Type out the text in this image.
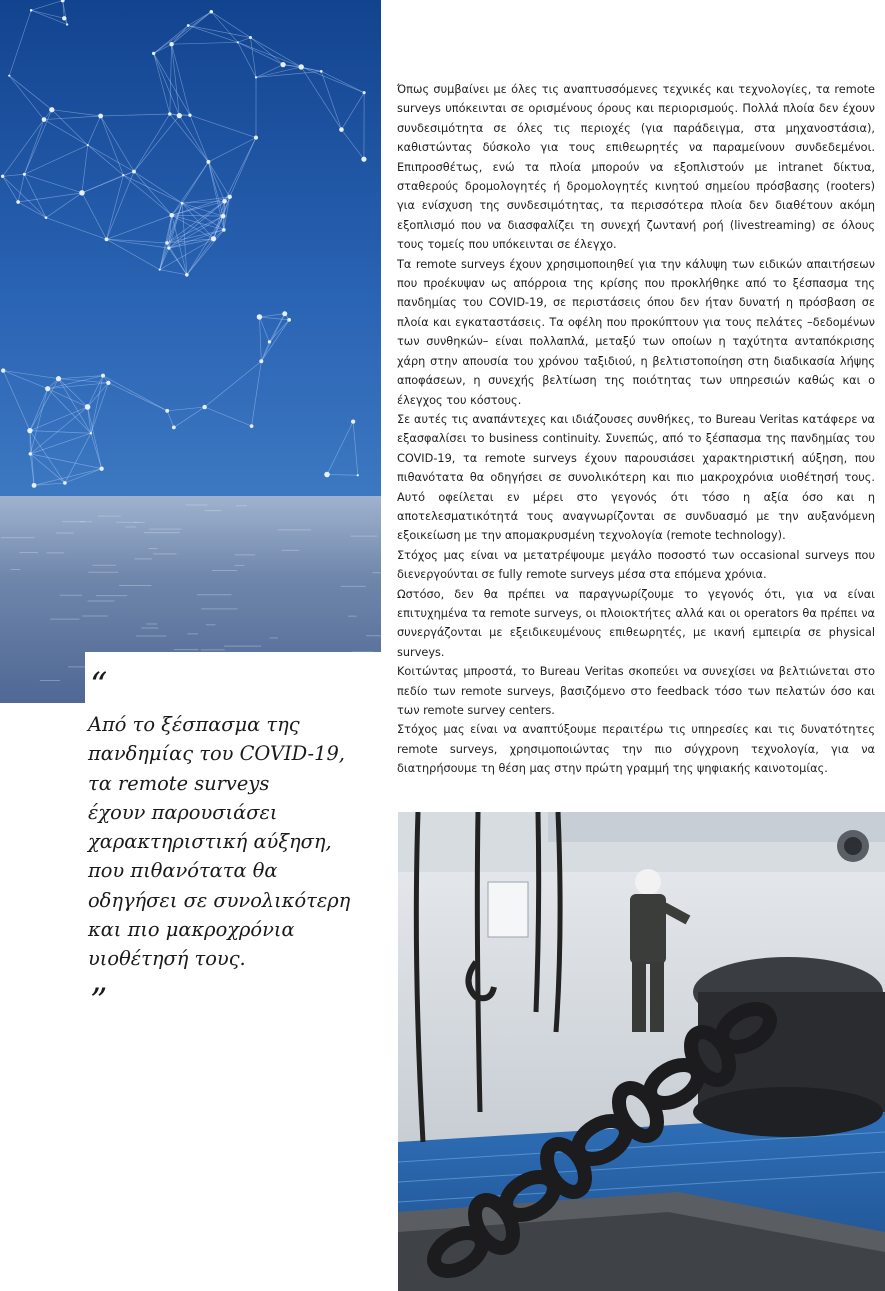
“
Από το ξέσπασμα της
πανδημίας του COVID-19,
τα remote surveys
έχουν παρουσιάσει
χαρακτηριστική αύξηση,
που πιθανότατα θα
οδηγήσει σε συνολικότερη
και πιο μακροχρόνια
υιοθέτησή τους.
”

Όπως συμβαίνει με όλες τις αναπτυσσόμενες τεχνικές και τεχνολογίες, τα remote surveys υπόκεινται σε ορισμένους όρους και περιορισμούς. Πολλά πλοία δεν έχουν συνδεσιμότητα σε όλες τις περιοχές (για παράδειγμα, στα μηχανοστάσια), καθιστώντας δύσκολο για τους επιθεωρητές να παραμείνουν συνδεδεμένοι. Επιπροσθέτως, ενώ τα πλοία μπορούν να εξοπλιστούν με intranet δίκτυα, σταθερούς δρομολογητές ή δρομολογητές κινητού σημείου πρόσβασης (rooters) για ενίσχυση της συνδεσιμότητας, τα περισσότερα πλοία δεν διαθέτουν ακόμη εξοπλισμό που να διασφαλίζει τη συνεχή ζωντανή ροή (livestreaming) σε όλους τους τομείς που υπόκεινται σε έλεγχο.

Τα remote surveys έχουν χρησιμοποιηθεί για την κάλυψη των ειδικών απαιτήσεων που προέκυψαν ως απόρροια της κρίσης που προκλήθηκε από το ξέσπασμα της πανδημίας του COVID-19, σε περιστάσεις όπου δεν ήταν δυνατή η πρόσβαση σε πλοία και εγκαταστάσεις. Τα οφέλη που προκύπτουν για τους πελάτες –δεδομένων των συνθηκών– είναι πολλαπλά, μεταξύ των οποίων η ταχύτητα ανταπόκρισης χάρη στην απουσία του χρόνου ταξιδιού, η βελτιστοποίηση στη διαδικασία λήψης αποφάσεων, η συνεχής βελτίωση της ποιότητας των υπηρεσιών καθώς και ο έλεγχος του κόστους.

Σε αυτές τις αναπάντεχες και ιδιάζουσες συνθήκες, το Bureau Veritas κατάφερε να εξασφαλίσει το business continuity. Συνεπώς, από το ξέσπασμα της πανδημίας του COVID-19, τα remote surveys έχουν παρουσιάσει χαρακτηριστική αύξηση, που πιθανότατα θα οδηγήσει σε συνολικότερη και πιο μακροχρόνια υιοθέτησή τους. Αυτό οφείλεται εν μέρει στο γεγονός ότι τόσο η αξία όσο και η αποτελεσματικότητά τους αναγνωρίζονται σε συνδυασμό με την αυξανόμενη εξοικείωση με την απομακρυσμένη τεχνολογία (remote technology).

Στόχος μας είναι να μετατρέψουμε μεγάλο ποσοστό των occasional surveys που διενεργούνται σε fully remote surveys μέσα στα επόμενα χρόνια.

Ωστόσο, δεν θα πρέπει να παραγνωρίζουμε το γεγονός ότι, για να είναι επιτυχημένα τα remote surveys, οι πλοιοκτήτες αλλά και οι operators θα πρέπει να συνεργάζονται με εξειδικευμένους επιθεωρητές, με ικανή εμπειρία σε physical surveys.

Κοιτώντας μπροστά, το Bureau Veritas σκοπεύει να συνεχίσει να βελτιώνεται στο πεδίο των remote surveys, βασιζόμενο στο feedback τόσο των πελατών όσο και των remote survey centers.

Στόχος μας είναι να αναπτύξουμε περαιτέρω τις υπηρεσίες και τις δυνατότητες remote surveys, χρησιμοποιώντας την πιο σύγχρονη τεχνολογία, για να διατηρήσουμε τη θέση μας στην πρώτη γραμμή της ψηφιακής καινοτομίας.
